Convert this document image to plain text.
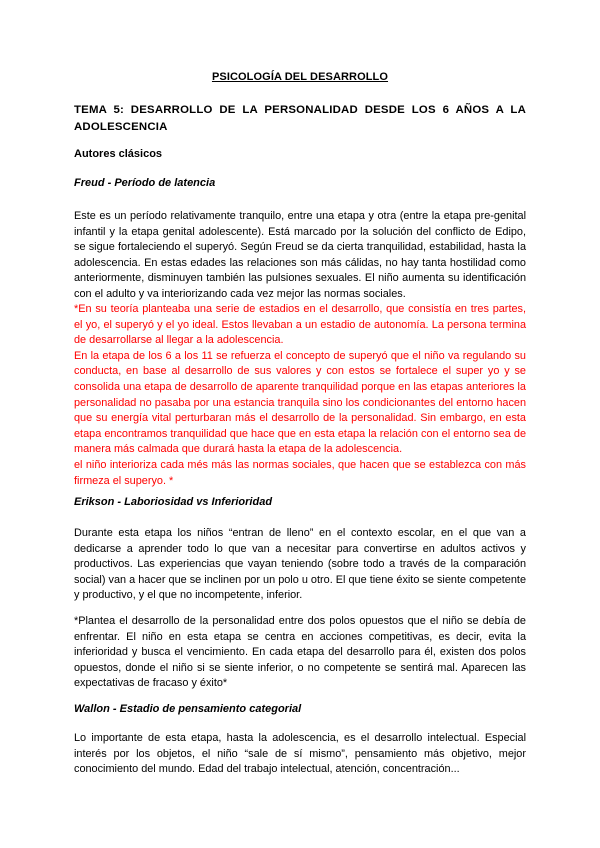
PSICOLOGÍA DEL DESARROLLO
TEMA 5: DESARROLLO DE LA PERSONALIDAD DESDE LOS 6 AÑOS A LA ADOLESCENCIA
Autores clásicos
Freud - Período de latencia

Este es un período relativamente tranquilo, entre una etapa y otra (entre la etapa pre-genital infantil y la etapa genital adolescente). Está marcado por la solución del conflicto de Edipo, se sigue fortaleciendo el superyó. Según Freud se da cierta tranquilidad, estabilidad, hasta la adolescencia. En estas edades las relaciones son más cálidas, no hay tanta hostilidad como anteriormente, disminuyen también las pulsiones sexuales. El niño aumenta su identificación con el adulto y va interiorizando cada vez mejor las normas sociales.

*En su teoría planteaba una serie de estadios en el desarrollo, que consistía en tres partes, el yo, el superyó y el yo ideal. Estos llevaban a un estadio de autonomía. La persona termina de desarrollarse al llegar a la adolescencia.
En la etapa de los 6 a los 11 se refuerza el concepto de superyó que el niño va regulando su conducta, en base al desarrollo de sus valores y con estos se fortalece el super yo y se consolida una etapa de desarrollo de aparente tranquilidad porque en las etapas anteriores la personalidad no pasaba por una estancia tranquila sino los condicionantes del entorno hacen que su energía vital perturbaran más el desarrollo de la personalidad. Sin embargo, en esta etapa encontramos tranquilidad que hace que en esta etapa la relación con el entorno sea de manera más calmada que durará hasta la etapa de la adolescencia.
el niño interioriza cada més más las normas sociales, que hacen que se establezca con más firmeza el superyo. *
Erikson - Laboriosidad vs Inferioridad

Durante esta etapa los niños “entran de lleno” en el contexto escolar, en el que van a dedicarse a aprender todo lo que van a necesitar para convertirse en adultos activos y productivos. Las experiencias que vayan teniendo (sobre todo a través de la comparación social) van a hacer que se inclinen por un polo u otro. El que tiene éxito se siente competente y productivo, y el que no incompetente, inferior.

*Plantea el desarrollo de la personalidad entre dos polos opuestos que el niño se debía de enfrentar. El niño en esta etapa se centra en acciones competitivas, es decir, evita la inferioridad y busca el vencimiento. En cada etapa del desarrollo para él, existen dos polos opuestos, donde el niño si se siente inferior, o no competente se sentirá mal. Aparecen las expectativas de fracaso y éxito*

Wallon - Estadio de pensamiento categorial

Lo importante de esta etapa, hasta la adolescencia, es el desarrollo intelectual. Especial interés por los objetos, el niño “sale de sí mismo”, pensamiento más objetivo, mejor conocimiento del mundo. Edad del trabajo intelectual, atención, concentración...
